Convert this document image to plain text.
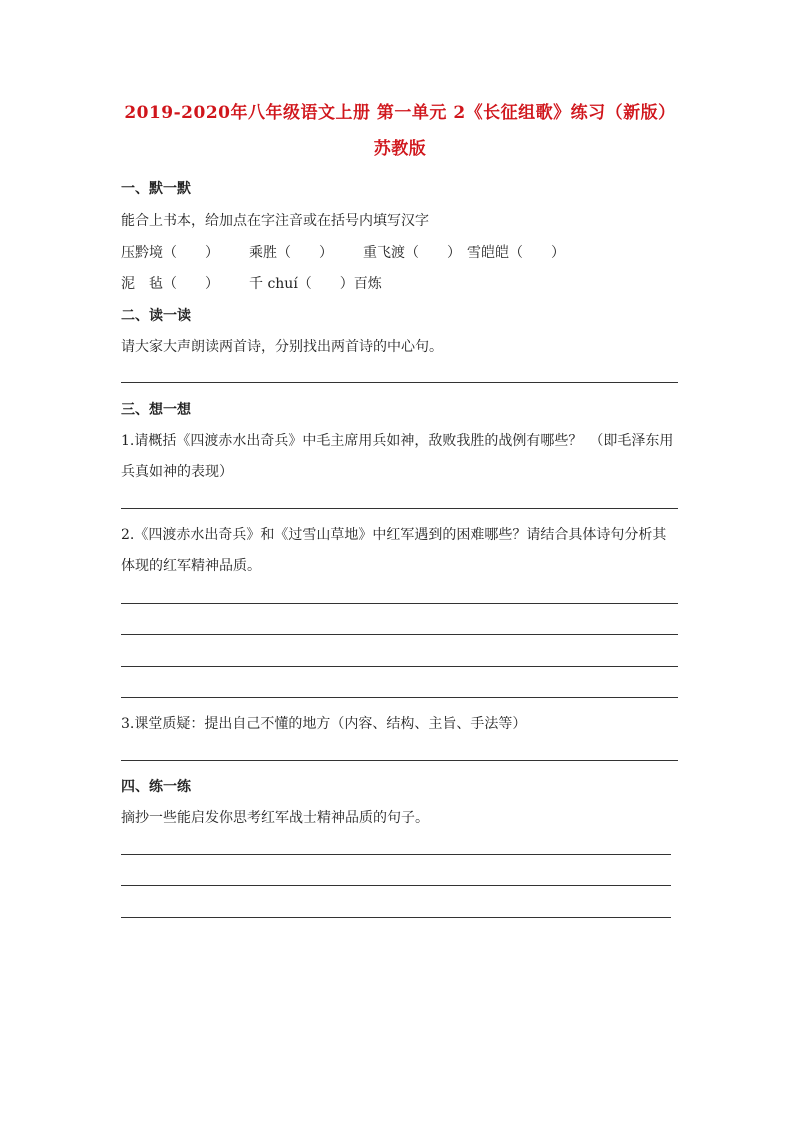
2019-2020年八年级语文上册 第一单元 2《长征组歌》练习（新版）
苏教版
一、默一默
能合上书本，给加点在字注音或在括号内填写汉字
压黔境（　　） 乘胜（　　） 重飞渡（　　） 雪皑皑（　　）
泥　毡（　　） 千 chuí（　　）百炼
二、读一读
请大家大声朗读两首诗，分别找出两首诗的中心句。
三、想一想
1.请概括《四渡赤水出奇兵》中毛主席用兵如神，敌败我胜的战例有哪些？　（即毛泽东用
兵真如神的表现）
2.《四渡赤水出奇兵》和《过雪山草地》中红军遇到的困难哪些？请结合具体诗句分析其
体现的红军精神品质。
3.课堂质疑：提出自己不懂的地方（内容、结构、主旨、手法等）
四、练一练
摘抄一些能启发你思考红军战士精神品质的句子。
